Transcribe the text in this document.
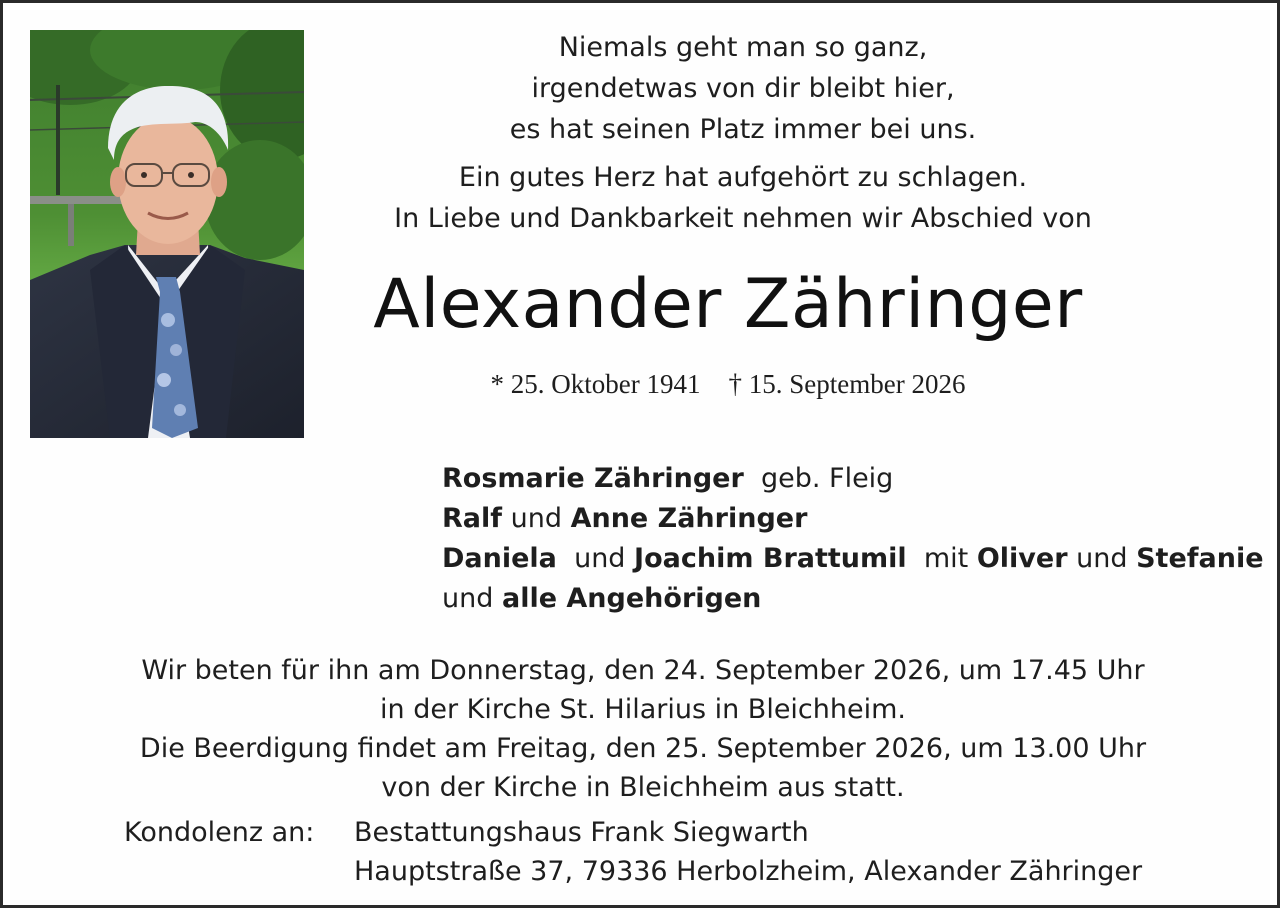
Niemals geht man so ganz,
irgendetwas von dir bleibt hier,
es hat seinen Platz immer bei uns.
Ein gutes Herz hat aufgehört zu schlagen.
In Liebe und Dankbarkeit nehmen wir Abschied von
Alexander Zähringer
* 25. Oktober 1941 † 15. September 2026
Rosmarie Zähringer geb. Fleig
Ralf und Anne Zähringer
Daniela und Joachim Brattumil mit Oliver und Stefanie
und alle Angehörigen
Wir beten für ihn am Donnerstag, den 24. September 2026, um 17.45 Uhr
in der Kirche St. Hilarius in Bleichheim.
Die Beerdigung findet am Freitag, den 25. September 2026, um 13.00 Uhr
von der Kirche in Bleichheim aus statt.
Kondolenz an: Bestattungshaus Frank Siegwarth
Hauptstraße 37, 79336 Herbolzheim, Alexander Zähringer
